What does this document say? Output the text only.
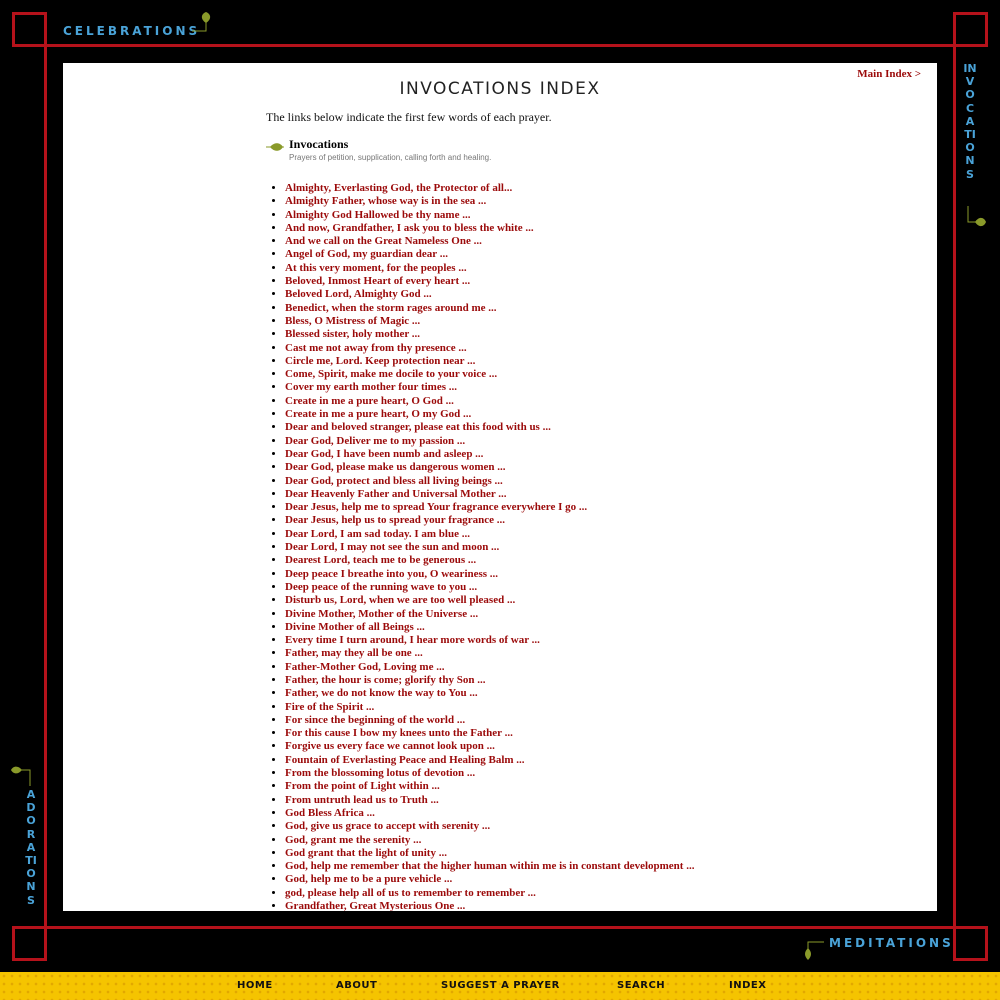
CELEBRATIONS
INVOCATIONS
ADORATIONS
MEDITATIONS
Main Index >
INVOCATIONS INDEX

The links below indicate the first few words of each prayer.

Invocations
Prayers of petition, supplication, calling forth and healing.
• Almighty, Everlasting God, the Protector of all...
• Almighty Father, whose way is in the sea ...
• Almighty God Hallowed be thy name ...
• And now, Grandfather, I ask you to bless the white ...
• And we call on the Great Nameless One ...
• Angel of God, my guardian dear ...
• At this very moment, for the peoples ...
• Beloved, Inmost Heart of every heart ...
• Beloved Lord, Almighty God ...
• Benedict, when the storm rages around me ...
• Bless, O Mistress of Magic ...
• Blessed sister, holy mother ...
• Cast me not away from thy presence ...
• Circle me, Lord. Keep protection near ...
• Come, Spirit, make me docile to your voice ...
• Cover my earth mother four times ...
• Create in me a pure heart, O God ...
• Create in me a pure heart, O my God ...
• Dear and beloved stranger, please eat this food with us ...
• Dear God, Deliver me to my passion ...
• Dear God, I have been numb and asleep ...
• Dear God, please make us dangerous women ...
• Dear God, protect and bless all living beings ...
• Dear Heavenly Father and Universal Mother ...
• Dear Jesus, help me to spread Your fragrance everywhere I go ...
• Dear Jesus, help us to spread your fragrance ...
• Dear Lord, I am sad today. I am blue ...
• Dear Lord, I may not see the sun and moon ...
• Dearest Lord, teach me to be generous ...
• Deep peace I breathe into you, O weariness ...
• Deep peace of the running wave to you ...
• Disturb us, Lord, when we are too well pleased ...
• Divine Mother, Mother of the Universe ...
• Divine Mother of all Beings ...
• Every time I turn around, I hear more words of war ...
• Father, may they all be one ...
• Father-Mother God, Loving me ...
• Father, the hour is come; glorify thy Son ...
• Father, we do not know the way to You ...
• Fire of the Spirit ...
• For since the beginning of the world ...
• For this cause I bow my knees unto the Father ...
• Forgive us every face we cannot look upon ...
• Fountain of Everlasting Peace and Healing Balm ...
• From the blossoming lotus of devotion ...
• From the point of Light within ...
• From untruth lead us to Truth ...
• God Bless Africa ...
• God, give us grace to accept with serenity ...
• God, grant me the serenity ...
• God grant that the light of unity ...
• God, help me remember that the higher human within me is in constant development ...
• God, help me to be a pure vehicle ...
• god, please help all of us to remember to remember ...
• Grandfather, Great Mysterious One ...
HOME	ABOUT	SUGGEST A PRAYER	SEARCH	INDEX
